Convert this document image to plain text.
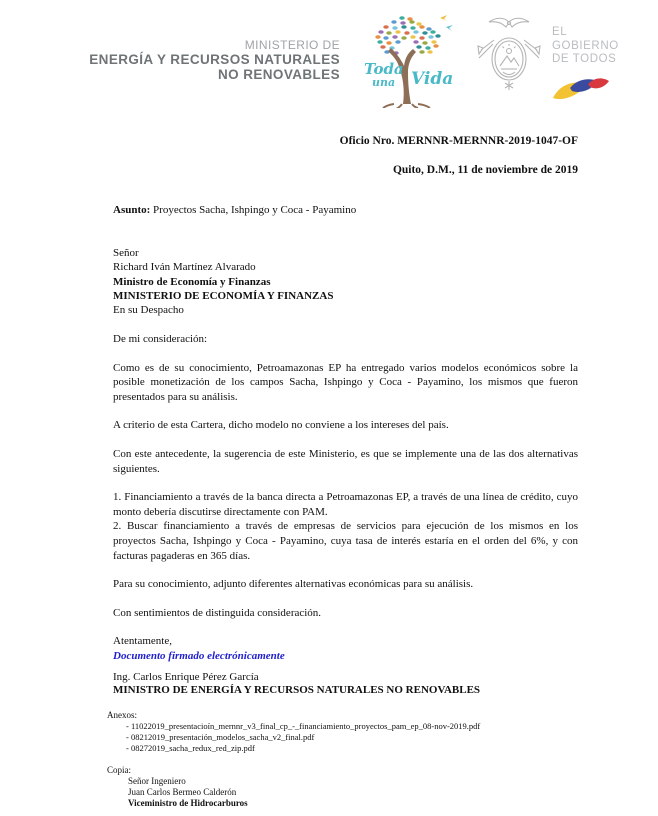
MINISTERIO DE
ENERGÍA Y RECURSOS NATURALES
NO RENOVABLES Toda
una Vida
EL
GOBIERNO
DE TODOS
Oficio Nro. MERNNR-MERNNR-2019-1047-OF
Quito, D.M., 11 de noviembre de 2019
Asunto: Proyectos Sacha, Ishpingo y Coca - Payamino
Señor
Richard Iván Martínez Alvarado
Ministro de Economía y Finanzas
MINISTERIO DE ECONOMÍA Y FINANZAS
En su Despacho

De mi consideración:

Como es de su conocimiento, Petroamazonas EP ha entregado varios modelos económicos sobre la posible monetización de los campos Sacha, Ishpingo y Coca - Payamino, los mismos que fueron presentados para su análisis.

A criterio de esta Cartera, dicho modelo no conviene a los intereses del país.

Con este antecedente, la sugerencia de este Ministerio, es que se implemente una de las dos alternativas siguientes.

1. Financiamiento a través de la banca directa a Petroamazonas EP, a través de una línea de crédito, cuyo monto debería discutirse directamente con PAM.

2. Buscar financiamiento a través de empresas de servicios para ejecución de los mismos en los proyectos Sacha, Ishpingo y Coca - Payamino, cuya tasa de interés estaría en el orden del 6%, y con facturas pagaderas en 365 días.

Para su conocimiento, adjunto diferentes alternativas económicas para su análisis.

Con sentimientos de distinguida consideración.

Atentamente,

Documento firmado electrónicamente
Ing. Carlos Enrique Pérez García
MINISTRO DE ENERGÍA Y RECURSOS NATURALES NO RENOVABLES
Anexos:
- 11022019_presentacioín_mernnr_v3_final_cp_-_financiamiento_proyectos_pam_ep_08-nov-2019.pdf
- 08212019_presentación_modelos_sacha_v2_final.pdf
- 08272019_sacha_redux_red_zip.pdf
Copia:
Señor Ingeniero
Juan Carlos Bermeo Calderón
Viceministro de Hidrocarburos
